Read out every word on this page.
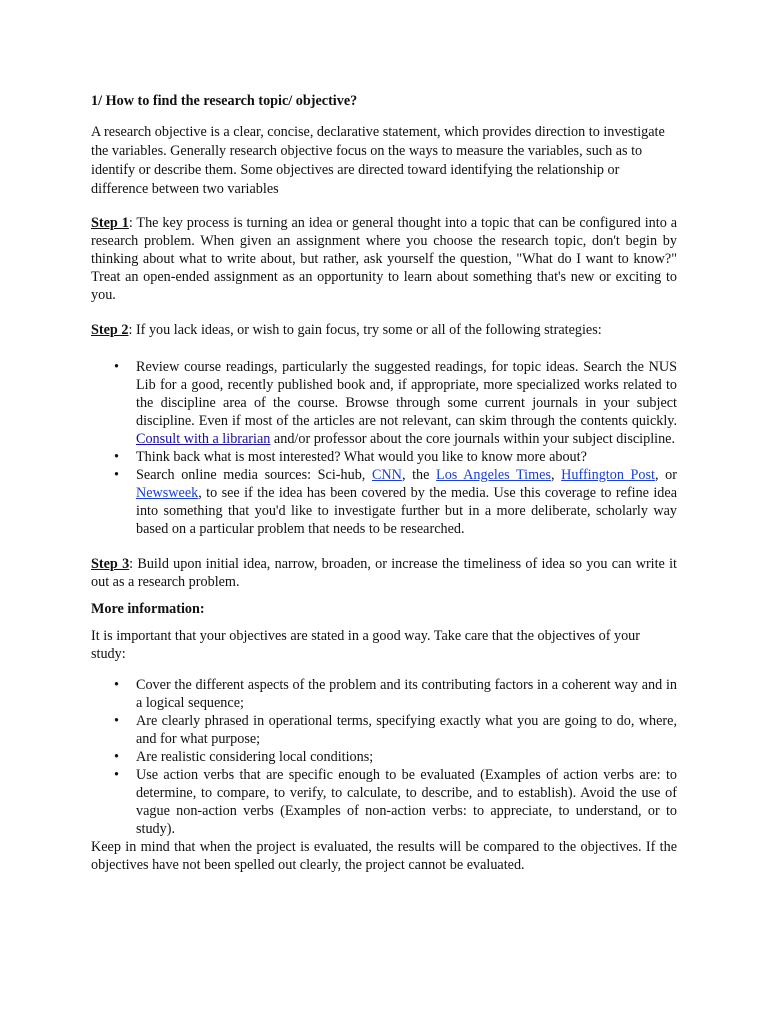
1/ How to find the research topic/ objective?

A research objective is a clear, concise, declarative statement, which provides direction to investigate the variables. Generally research objective focus on the ways to measure the variables, such as to identify or describe them. Some objectives are directed toward identifying the relationship or difference between two variables

Step 1: The key process is turning an idea or general thought into a topic that can be configured into a research problem. When given an assignment where you choose the research topic, don't begin by thinking about what to write about, but rather, ask yourself the question, "What do I want to know?" Treat an open-ended assignment as an opportunity to learn about something that's new or exciting to you.

Step 2: If you lack ideas, or wish to gain focus, try some or all of the following strategies:

• Review course readings, particularly the suggested readings, for topic ideas. Search the NUS Lib for a good, recently published book and, if appropriate, more specialized works related to the discipline area of the course. Browse through some current journals in your subject discipline. Even if most of the articles are not relevant, can skim through the contents quickly. Consult with a librarian and/or professor about the core journals within your subject discipline.
• Think back what is most interested? What would you like to know more about?
• Search online media sources: Sci-hub, CNN, the Los Angeles Times, Huffington Post, or Newsweek, to see if the idea has been covered by the media. Use this coverage to refine idea into something that you'd like to investigate further but in a more deliberate, scholarly way based on a particular problem that needs to be researched.

Step 3: Build upon initial idea, narrow, broaden, or increase the timeliness of idea so you can write it out as a research problem.

More information:

It is important that your objectives are stated in a good way. Take care that the objectives of your study:

• Cover the different aspects of the problem and its contributing factors in a coherent way and in a logical sequence;
• Are clearly phrased in operational terms, specifying exactly what you are going to do, where, and for what purpose;
• Are realistic considering local conditions;
• Use action verbs that are specific enough to be evaluated (Examples of action verbs are: to determine, to compare, to verify, to calculate, to describe, and to establish). Avoid the use of vague non-action verbs (Examples of non-action verbs: to appreciate, to understand, or to study).

Keep in mind that when the project is evaluated, the results will be compared to the objectives. If the objectives have not been spelled out clearly, the project cannot be evaluated.
